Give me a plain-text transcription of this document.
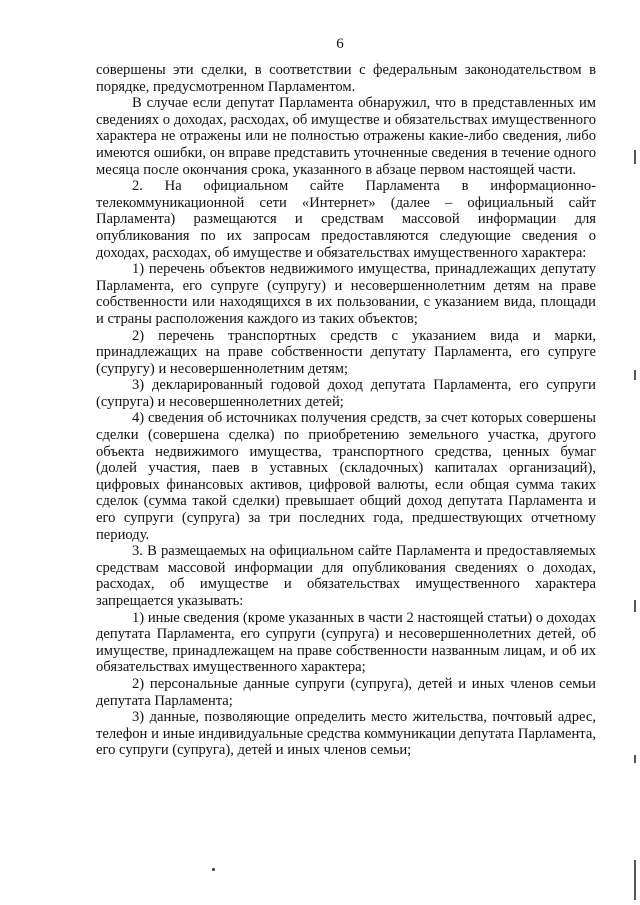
6

совершены эти сделки, в соответствии с федеральным законодательством в порядке, предусмотренном Парламентом.

В случае если депутат Парламента обнаружил, что в представленных им сведениях о доходах, расходах, об имуществе и обязательствах имущественного характера не отражены или не полностью отражены какие-либо сведения, либо имеются ошибки, он вправе представить уточненные сведения в течение одного месяца после окончания срока, указанного в абзаце первом настоящей части.

2. На официальном сайте Парламента в информационно-телекоммуникационной сети «Интернет» (далее – официальный сайт Парламента) размещаются и средствам массовой информации для опубликования по их запросам предоставляются следующие сведения о доходах, расходах, об имуществе и обязательствах имущественного характера:

1) перечень объектов недвижимого имущества, принадлежащих депутату Парламента, его супруге (супругу) и несовершеннолетним детям на праве собственности или находящихся в их пользовании, с указанием вида, площади и страны расположения каждого из таких объектов;

2) перечень транспортных средств с указанием вида и марки, принадлежащих на праве собственности депутату Парламента, его супруге (супругу) и несовершеннолетним детям;

3) декларированный годовой доход депутата Парламента, его супруги (супруга) и несовершеннолетних детей;

4) сведения об источниках получения средств, за счет которых совершены сделки (совершена сделка) по приобретению земельного участка, другого объекта недвижимого имущества, транспортного средства, ценных бумаг (долей участия, паев в уставных (складочных) капиталах организаций), цифровых финансовых активов, цифровой валюты, если общая сумма таких сделок (сумма такой сделки) превышает общий доход депутата Парламента и его супруги (супруга) за три последних года, предшествующих отчетному периоду.

3. В размещаемых на официальном сайте Парламента и предоставляемых средствам массовой информации для опубликования сведениях о доходах, расходах, об имуществе и обязательствах имущественного характера запрещается указывать:

1) иные сведения (кроме указанных в части 2 настоящей статьи) о доходах депутата Парламента, его супруги (супруга) и несовершеннолетних детей, об имуществе, принадлежащем на праве собственности названным лицам, и об их обязательствах имущественного характера;

2) персональные данные супруги (супруга), детей и иных членов семьи депутата Парламента;

3) данные, позволяющие определить место жительства, почтовый адрес, телефон и иные индивидуальные средства коммуникации депутата Парламента, его супруги (супруга), детей и иных членов семьи;
